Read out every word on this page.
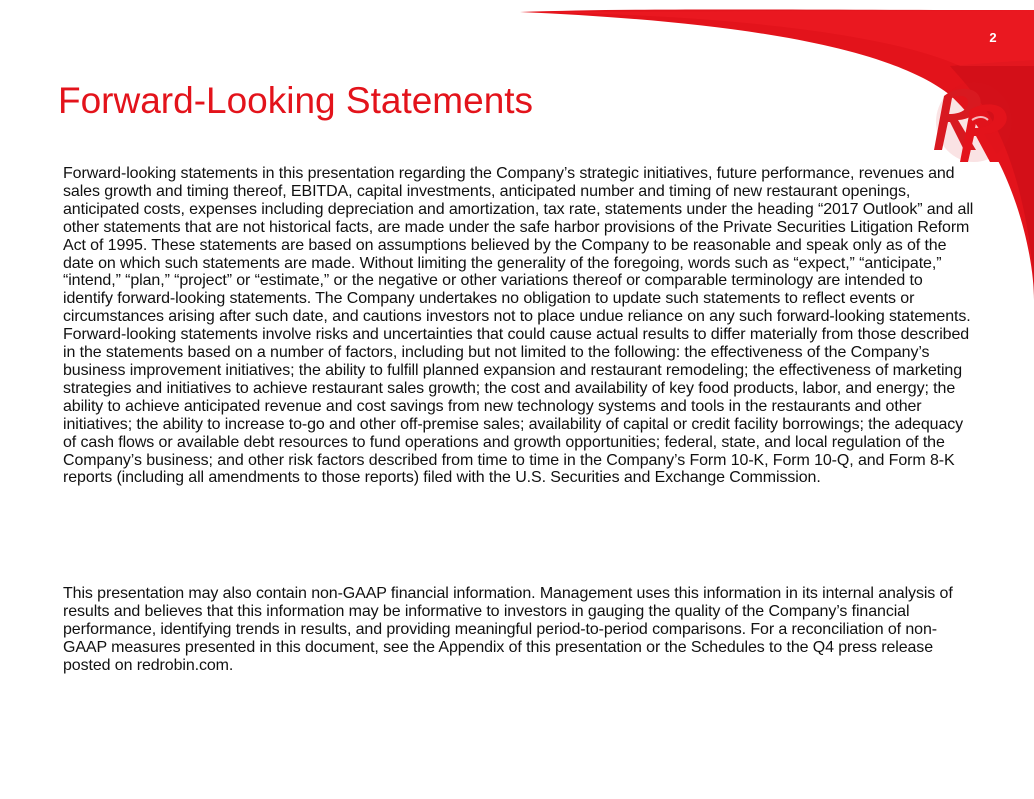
2
Forward-Looking Statements

Forward-looking statements in this presentation regarding the Company’s strategic initiatives, future performance, revenues and sales growth and timing thereof, EBITDA, capital investments, anticipated number and timing of new restaurant openings, anticipated costs, expenses including depreciation and amortization, tax rate, statements under the heading “2017 Outlook” and all other statements that are not historical facts, are made under the safe harbor provisions of the Private Securities Litigation Reform Act of 1995. These statements are based on assumptions believed by the Company to be reasonable and speak only as of the date on which such statements are made. Without limiting the generality of the foregoing, words such as “expect,” “anticipate,” “intend,” “plan,” “project” or “estimate,” or the negative or other variations thereof or comparable terminology are intended to identify forward-looking statements. The Company undertakes no obligation to update such statements to reflect events or circumstances arising after such date, and cautions investors not to place undue reliance on any such forward-looking statements. Forward-looking statements involve risks and uncertainties that could cause actual results to differ materially from those described in the statements based on a number of factors, including but not limited to the following: the effectiveness of the Company’s business improvement initiatives; the ability to fulfill planned expansion and restaurant remodeling; the effectiveness of marketing strategies and initiatives to achieve restaurant sales growth; the cost and availability of key food products, labor, and energy; the ability to achieve anticipated revenue and cost savings from new technology systems and tools in the restaurants and other initiatives; the ability to increase to-go and other off-premise sales; availability of capital or credit facility borrowings; the adequacy of cash flows or available debt resources to fund operations and growth opportunities; federal, state, and local regulation of the Company’s business; and other risk factors described from time to time in the Company’s Form 10-K, Form 10-Q, and Form 8-K reports (including all amendments to those reports) filed with the U.S. Securities and Exchange Commission.

This presentation may also contain non-GAAP financial information. Management uses this information in its internal analysis of results and believes that this information may be informative to investors in gauging the quality of the Company’s financial performance, identifying trends in results, and providing meaningful period-to-period comparisons. For a reconciliation of non-GAAP measures presented in this document, see the Appendix of this presentation or the Schedules to the Q4 press release posted on redrobin.com.
